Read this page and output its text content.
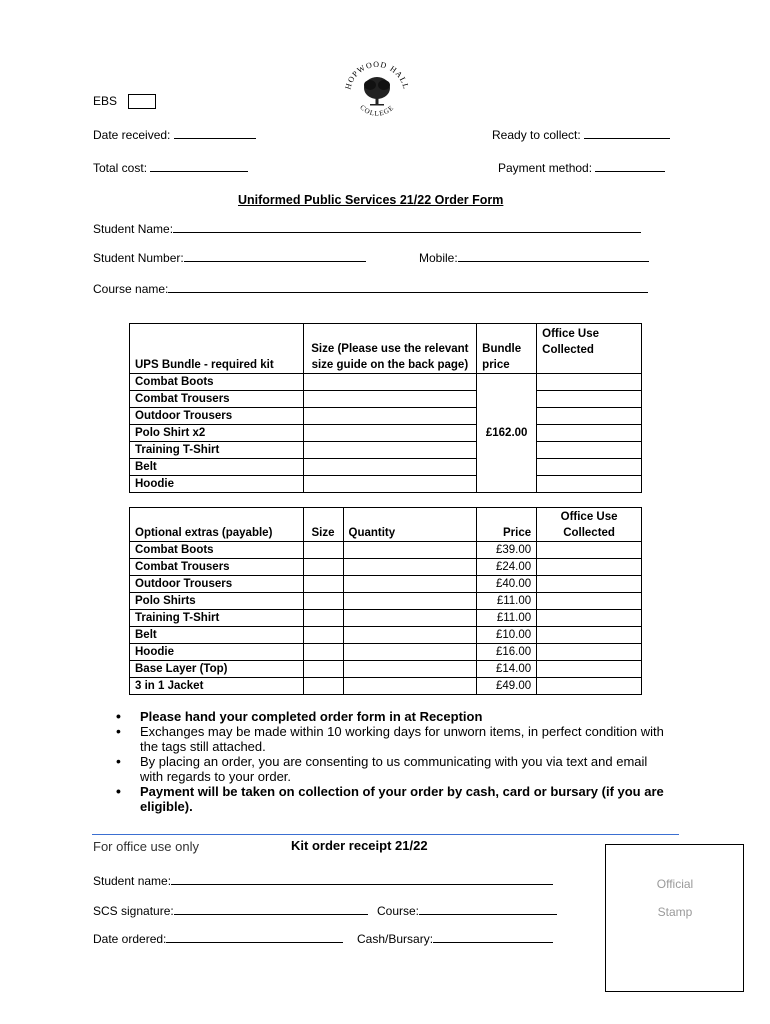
EBS
HOPWOOD HALL
COLLEGE
Date received:	Ready to collect:
Total cost:	Payment method:
Uniformed Public Services 21/22 Order Form
Student Name:
Student Number:	Mobile:
Course name:
UPS Bundle - required kit	Size (Please use the relevant size guide on the back page)	Bundle price	Office Use Collected
Combat Boots		£162.00	
Combat Trousers			
Outdoor Trousers			
Polo Shirt x2			
Training T-Shirt			
Belt			
Hoodie			
Optional extras (payable)	Size	Quantity	Price	Office Use Collected
Combat Boots			£39.00	
Combat Trousers			£24.00	
Outdoor Trousers			£40.00	
Polo Shirts			£11.00	
Training T-Shirt			£11.00	
Belt			£10.00	
Hoodie			£16.00	
Base Layer (Top)			£14.00	
3 in 1 Jacket			£49.00	
• Please hand your completed order form in at Reception
• Exchanges may be made within 10 working days for unworn items, in perfect condition with the tags still attached.
• By placing an order, you are consenting to us communicating with you via text and email with regards to your order.
• Payment will be taken on collection of your order by cash, card or bursary (if you are eligible).
For office use only	Kit order receipt 21/22
Student name:
SCS signature:	Course:
Date ordered:	Cash/Bursary:
Official
Stamp
